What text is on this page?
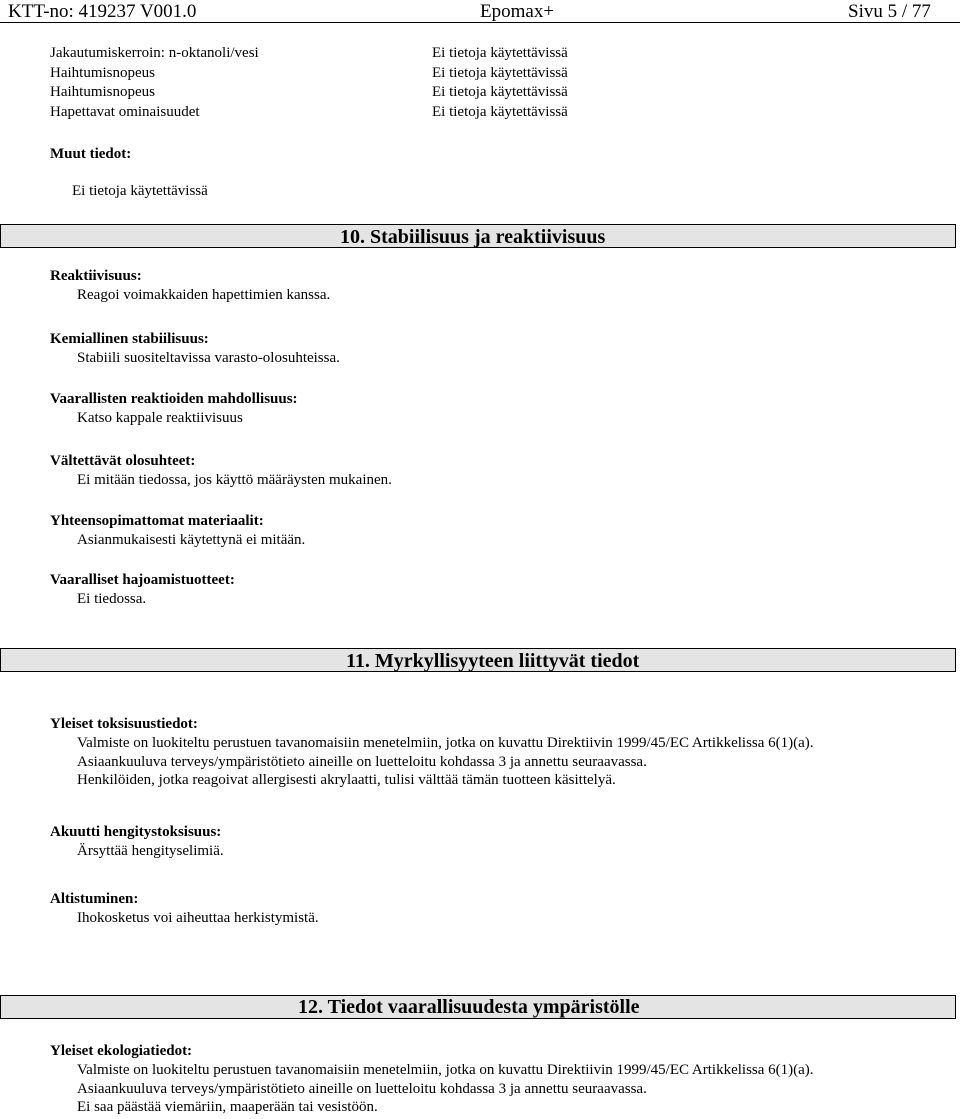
KTT-no: 419237 V001.0	Epomax+	Sivu 5 / 77
Jakautumiskerroin: n-oktanoli/vesi	Ei tietoja käytettävissä
Haihtumisnopeus	Ei tietoja käytettävissä
Haihtumisnopeus	Ei tietoja käytettävissä
Hapettavat ominaisuudet	Ei tietoja käytettävissä
Muut tiedot:
Ei tietoja käytettävissä
10. Stabiilisuus ja reaktiivisuus
Reaktiivisuus:
Reagoi voimakkaiden hapettimien kanssa.
Kemiallinen stabiilisuus:
Stabiili suositeltavissa varasto-olosuhteissa.
Vaarallisten reaktioiden mahdollisuus:
Katso kappale reaktiivisuus
Vältettävät olosuhteet:
Ei mitään tiedossa, jos käyttö määräysten mukainen.
Yhteensopimattomat materiaalit:
Asianmukaisesti käytettynä ei mitään.
Vaaralliset hajoamistuotteet:
Ei tiedossa.
11. Myrkyllisyyteen liittyvät tiedot
Yleiset toksisuustiedot:
Valmiste on luokiteltu perustuen tavanomaisiin menetelmiin, jotka on kuvattu Direktiivin 1999/45/EC Artikkelissa 6(1)(a).
Asiaankuuluva terveys/ympäristötieto aineille on luetteloitu kohdassa 3 ja annettu seuraavassa.
Henkilöiden, jotka reagoivat allergisesti akrylaatti, tulisi välttää tämän tuotteen käsittelyä.
Akuutti hengitystoksisuus:
Ärsyttää hengityselimiä.
Altistuminen:
Ihokosketus voi aiheuttaa herkistymistä.
12. Tiedot vaarallisuudesta ympäristölle
Yleiset ekologiatiedot:
Valmiste on luokiteltu perustuen tavanomaisiin menetelmiin, jotka on kuvattu Direktiivin 1999/45/EC Artikkelissa 6(1)(a).
Asiaankuuluva terveys/ympäristötieto aineille on luetteloitu kohdassa 3 ja annettu seuraavassa.
Ei saa päästää viemäriin, maaperään tai vesistöön.
